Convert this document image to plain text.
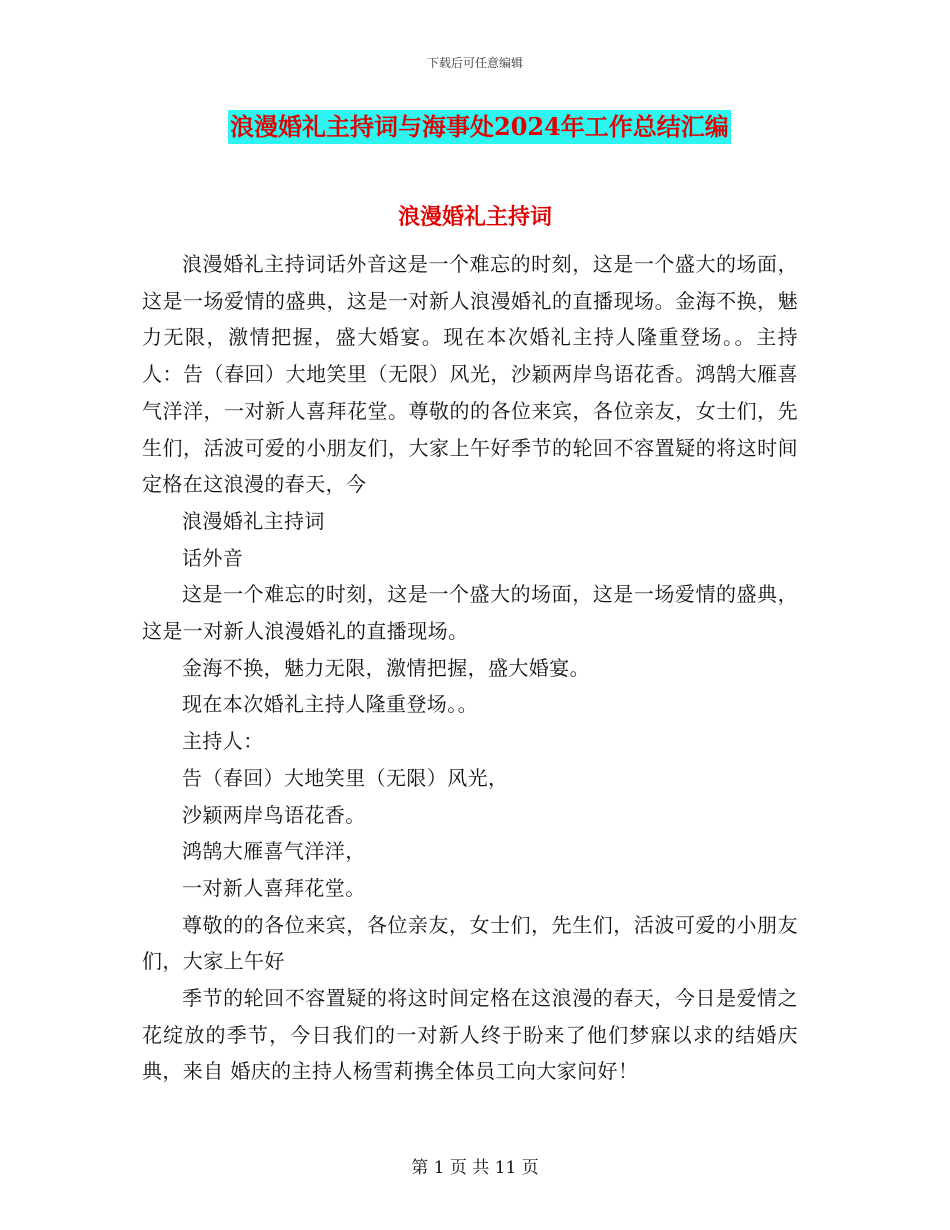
下载后可任意编辑
浪漫婚礼主持词与海事处2024年工作总结汇编
浪漫婚礼主持词

浪漫婚礼主持词话外音这是一个难忘的时刻，这是一个盛大的场面，这是一场爱情的盛典，这是一对新人浪漫婚礼的直播现场。金海不换，魅力无限，激情把握，盛大婚宴。现在本次婚礼主持人隆重登场。。主持人：告（春回）大地笑里（无限）风光，沙颖两岸鸟语花香。鸿鹄大雁喜气洋洋，一对新人喜拜花堂。尊敬的的各位来宾，各位亲友，女士们，先生们，活波可爱的小朋友们，大家上午好季节的轮回不容置疑的将这时间定格在这浪漫的春天，今

浪漫婚礼主持词

话外音

这是一个难忘的时刻，这是一个盛大的场面，这是一场爱情的盛典，这是一对新人浪漫婚礼的直播现场。

金海不换，魅力无限，激情把握，盛大婚宴。

现在本次婚礼主持人隆重登场。。

主持人：

告（春回）大地笑里（无限）风光，

沙颖两岸鸟语花香。

鸿鹄大雁喜气洋洋，

一对新人喜拜花堂。

尊敬的的各位来宾，各位亲友，女士们，先生们，活波可爱的小朋友们，大家上午好

季节的轮回不容置疑的将这时间定格在这浪漫的春天，今日是爱情之花绽放的季节，今日我们的一对新人终于盼来了他们梦寐以求的结婚庆典，来自 婚庆的主持人杨雪莉携全体员工向大家问好！

第 1 页 共 11 页
